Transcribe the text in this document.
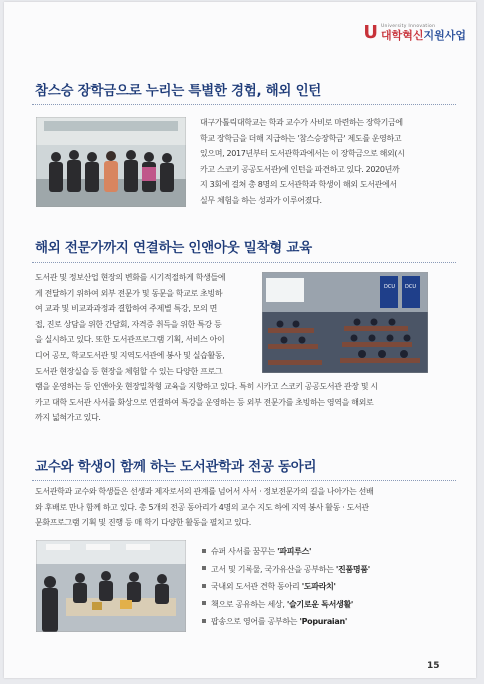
U University Innovation
대학혁신지원사업
참스승 장학금으로 누리는 특별한 경험, 해외 인턴
대구가톨릭대학교는 학과 교수가 사비로 마련하는 장학기금에
학교 장학금을 더해 지급하는 '참스승장학금' 제도를 운영하고
있으며, 2017년부터 도서관학과에서는 이 장학금으로 해외(시
카고 스코키 공공도서관)에 인턴을 파견하고 있다. 2020년까
지 3회에 걸쳐 총 8명의 도서관학과 학생이 해외 도서관에서
실무 체험을 하는 성과가 이루어졌다.
해외 전문가까지 연결하는 인앤아웃 밀착형 교육
도서관 및 정보산업 현장의 변화를 시기적절하게 학생들에
게 전달하기 위하여 외부 전문가 및 동문을 학교로 초빙하
여 교과 및 비교과과정과 결합하여 주제별 특강, 모의 면
접, 진로 상담을 위한 간담회, 자격증 취득을 위한 특강 등
을 실시하고 있다. 또한 도서관프로그램 기획, 서비스 아이
디어 공모, 학교도서관 및 지역도서관에 봉사 및 실습활동,
도서관 현장실습 등 현장을 체험할 수 있는 다양한 프로그
DCU DCU
램을 운영하는 등 인앤아웃 현장밀착형 교육을 지향하고 있다. 특히 시카고 스코키 공공도서관 관장 및 시
카고 대학 도서관 사서를 화상으로 연결하여 특강을 운영하는 등 외부 전문가를 초빙하는 영역을 해외로
까지 넓혀가고 있다.
교수와 학생이 함께 하는 도서관학과 전공 동아리
도서관학과 교수와 학생들은 선생과 제자로서의 관계를 넘어서 사서 · 정보전문가의 길을 나아가는 선배
와 후배로 만나 함께 하고 있다. 총 5개의 전공 동아리가 4명의 교수 지도 하에 지역 봉사 활동 · 도서관
문화프로그램 기획 및 진행 등 매 학기 다양한 활동을 펼치고 있다.
슈퍼 사서를 꿈꾸는 '파피루스'
고서 및 기록물, 국가유산을 공부하는 '진품명품'
국내외 도서관 견학 동아리 '도파라치'
책으로 공유하는 세상, '슬기로운 독서생활'
팝송으로 영어를 공부하는 'Popuraian'
15
